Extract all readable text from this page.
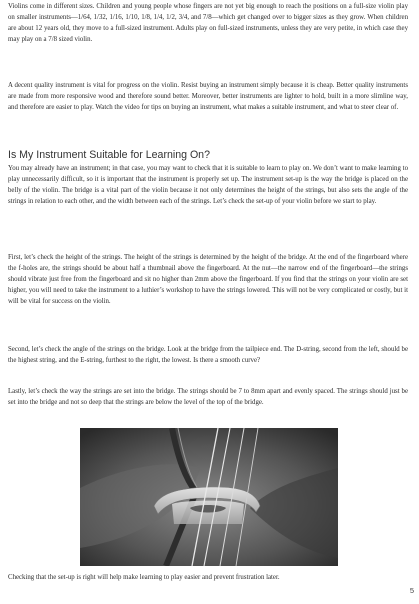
Violins come in different sizes. Children and young people whose fingers are not yet big enough to reach the positions on a full-size violin play on smaller instruments—1/64, 1/32, 1/16, 1/10, 1/8, 1/4, 1/2, 3/4, and 7/8—which get changed over to bigger sizes as they grow. When children are about 12 years old, they move to a full-sized instrument. Adults play on full-sized instruments, unless they are very petite, in which case they may play on a 7/8 sized violin.

A decent quality instrument is vital for progress on the violin. Resist buying an instrument simply because it is cheap. Better quality instruments are made from more responsive wood and therefore sound better. Moreover, better instruments are lighter to hold, built in a more slimline way, and therefore are easier to play. Watch the video for tips on buying an instrument, what makes a suitable instrument, and what to steer clear of.

Is My Instrument Suitable for Learning On?

You may already have an instrument; in that case, you may want to check that it is suitable to learn to play on. We don’t want to make learning to play unnecessarily difficult, so it is important that the instrument is properly set up. The instrument set-up is the way the bridge is placed on the belly of the violin. The bridge is a vital part of the violin because it not only determines the height of the strings, but also sets the angle of the strings in relation to each other, and the width between each of the strings. Let’s check the set-up of your violin before we start to play.

First, let’s check the height of the strings. The height of the strings is determined by the height of the bridge. At the end of the fingerboard where the f-holes are, the strings should be about half a thumbnail above the fingerboard. At the nut—the narrow end of the fingerboard—the strings should vibrate just free from the fingerboard and sit no higher than 2mm above the fingerboard. If you find that the strings on your violin are set higher, you will need to take the instrument to a luthier’s workshop to have the strings lowered. This will not be very complicated or costly, but it will be vital for success on the violin.

Second, let’s check the angle of the strings on the bridge. Look at the bridge from the tailpiece end. The D-string, second from the left, should be the highest string, and the E-string, furthest to the right, the lowest. Is there a smooth curve?

Lastly, let’s check the way the strings are set into the bridge. The strings should be 7 to 8mm apart and evenly spaced. The strings should just be set into the bridge and not so deep that the strings are below the level of the top of the bridge.

Checking that the set-up is right will help make learning to play easier and prevent frustration later.

5
